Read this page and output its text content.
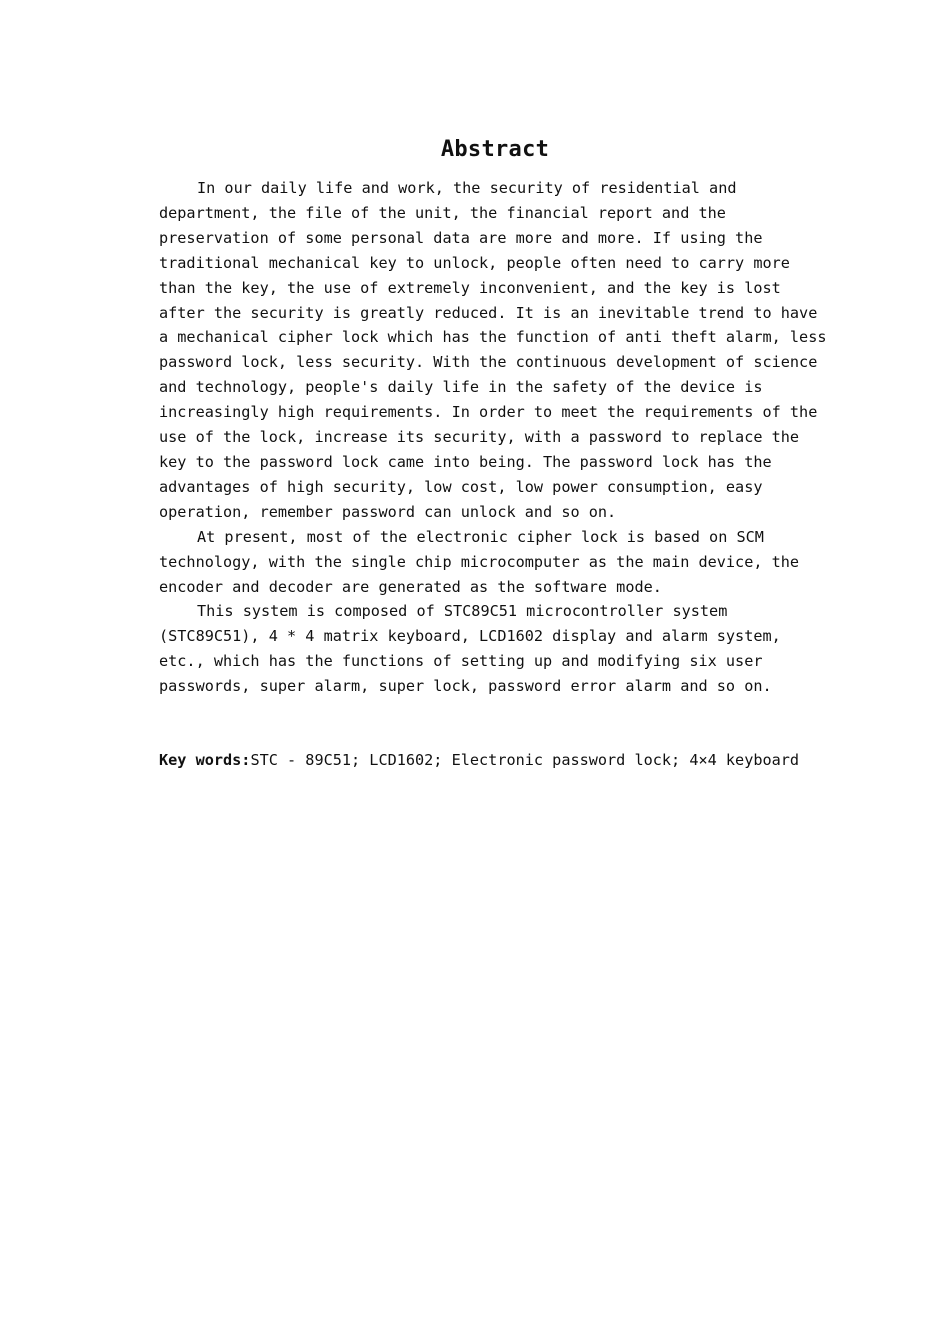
Abstract

In our daily life and work, the security of residential and department, the file of the unit, the financial report and the preservation of some personal data are more and more. If using the traditional mechanical key to unlock, people often need to carry more than the key, the use of extremely inconvenient, and the key is lost after the security is greatly reduced. It is an inevitable trend to have a mechanical cipher lock which has the function of anti theft alarm, less password lock, less security. With the continuous development of science and technology, people's daily life in the safety of the device is increasingly high requirements. In order to meet the requirements of the use of the lock, increase its security, with a password to replace the key to the password lock came into being. The password lock has the advantages of high security, low cost, low power consumption, easy operation, remember password can unlock and so on.

At present, most of the electronic cipher lock is based on SCM technology, with the single chip microcomputer as the main device, the encoder and decoder are generated as the software mode.

This system is composed of STC89C51 microcontroller system (STC89C51), 4 * 4 matrix keyboard, LCD1602 display and alarm system, etc., which has the functions of setting up and modifying six user passwords, super alarm, super lock, password error alarm and so on.

Key words:STC - 89C51; LCD1602; Electronic password lock; 4×4 keyboard
